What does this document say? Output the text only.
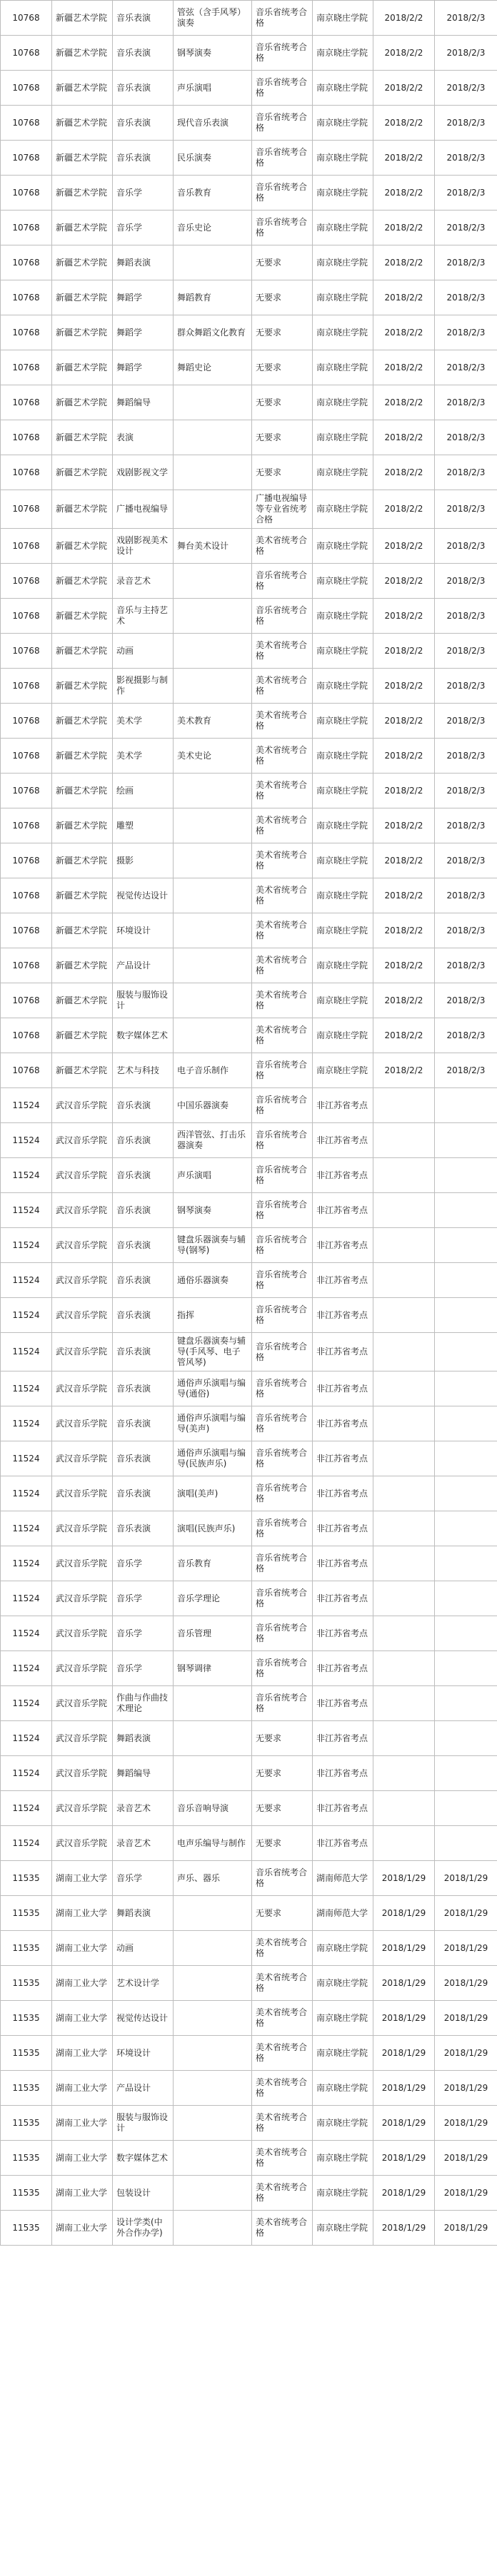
10768	新疆艺术学院	音乐表演	管弦（含手风琴）演奏	音乐省统考合格	南京晓庄学院	2018/2/2	2018/2/3
10768	新疆艺术学院	音乐表演	钢琴演奏	音乐省统考合格	南京晓庄学院	2018/2/2	2018/2/3
10768	新疆艺术学院	音乐表演	声乐演唱	音乐省统考合格	南京晓庄学院	2018/2/2	2018/2/3
10768	新疆艺术学院	音乐表演	现代音乐表演	音乐省统考合格	南京晓庄学院	2018/2/2	2018/2/3
10768	新疆艺术学院	音乐表演	民乐演奏	音乐省统考合格	南京晓庄学院	2018/2/2	2018/2/3
10768	新疆艺术学院	音乐学	音乐教育	音乐省统考合格	南京晓庄学院	2018/2/2	2018/2/3
10768	新疆艺术学院	音乐学	音乐史论	音乐省统考合格	南京晓庄学院	2018/2/2	2018/2/3
10768	新疆艺术学院	舞蹈表演		无要求	南京晓庄学院	2018/2/2	2018/2/3
10768	新疆艺术学院	舞蹈学	舞蹈教育	无要求	南京晓庄学院	2018/2/2	2018/2/3
10768	新疆艺术学院	舞蹈学	群众舞蹈文化教育	无要求	南京晓庄学院	2018/2/2	2018/2/3
10768	新疆艺术学院	舞蹈学	舞蹈史论	无要求	南京晓庄学院	2018/2/2	2018/2/3
10768	新疆艺术学院	舞蹈编导		无要求	南京晓庄学院	2018/2/2	2018/2/3
10768	新疆艺术学院	表演		无要求	南京晓庄学院	2018/2/2	2018/2/3
10768	新疆艺术学院	戏剧影视文学		无要求	南京晓庄学院	2018/2/2	2018/2/3
10768	新疆艺术学院	广播电视编导		广播电视编导等专业省统考合格	南京晓庄学院	2018/2/2	2018/2/3
10768	新疆艺术学院	戏剧影视美术设计	舞台美术设计	美术省统考合格	南京晓庄学院	2018/2/2	2018/2/3
10768	新疆艺术学院	录音艺术		音乐省统考合格	南京晓庄学院	2018/2/2	2018/2/3
10768	新疆艺术学院	音乐与主持艺术		音乐省统考合格	南京晓庄学院	2018/2/2	2018/2/3
10768	新疆艺术学院	动画		美术省统考合格	南京晓庄学院	2018/2/2	2018/2/3
10768	新疆艺术学院	影视摄影与制作		美术省统考合格	南京晓庄学院	2018/2/2	2018/2/3
10768	新疆艺术学院	美术学	美术教育	美术省统考合格	南京晓庄学院	2018/2/2	2018/2/3
10768	新疆艺术学院	美术学	美术史论	美术省统考合格	南京晓庄学院	2018/2/2	2018/2/3
10768	新疆艺术学院	绘画		美术省统考合格	南京晓庄学院	2018/2/2	2018/2/3
10768	新疆艺术学院	雕塑		美术省统考合格	南京晓庄学院	2018/2/2	2018/2/3
10768	新疆艺术学院	摄影		美术省统考合格	南京晓庄学院	2018/2/2	2018/2/3
10768	新疆艺术学院	视觉传达设计		美术省统考合格	南京晓庄学院	2018/2/2	2018/2/3
10768	新疆艺术学院	环境设计		美术省统考合格	南京晓庄学院	2018/2/2	2018/2/3
10768	新疆艺术学院	产品设计		美术省统考合格	南京晓庄学院	2018/2/2	2018/2/3
10768	新疆艺术学院	服装与服饰设计		美术省统考合格	南京晓庄学院	2018/2/2	2018/2/3
10768	新疆艺术学院	数字媒体艺术		美术省统考合格	南京晓庄学院	2018/2/2	2018/2/3
10768	新疆艺术学院	艺术与科技	电子音乐制作	音乐省统考合格	南京晓庄学院	2018/2/2	2018/2/3
11524	武汉音乐学院	音乐表演	中国乐器演奏	音乐省统考合格	非江苏省考点		
11524	武汉音乐学院	音乐表演	西洋管弦、打击乐器演奏	音乐省统考合格	非江苏省考点		
11524	武汉音乐学院	音乐表演	声乐演唱	音乐省统考合格	非江苏省考点		
11524	武汉音乐学院	音乐表演	钢琴演奏	音乐省统考合格	非江苏省考点		
11524	武汉音乐学院	音乐表演	键盘乐器演奏与辅导(钢琴)	音乐省统考合格	非江苏省考点		
11524	武汉音乐学院	音乐表演	通俗乐器演奏	音乐省统考合格	非江苏省考点		
11524	武汉音乐学院	音乐表演	指挥	音乐省统考合格	非江苏省考点		
11524	武汉音乐学院	音乐表演	键盘乐器演奏与辅导(手风琴、电子管风琴)	音乐省统考合格	非江苏省考点		
11524	武汉音乐学院	音乐表演	通俗声乐演唱与编导(通俗)	音乐省统考合格	非江苏省考点		
11524	武汉音乐学院	音乐表演	通俗声乐演唱与编导(美声)	音乐省统考合格	非江苏省考点		
11524	武汉音乐学院	音乐表演	通俗声乐演唱与编导(民族声乐)	音乐省统考合格	非江苏省考点		
11524	武汉音乐学院	音乐表演	演唱(美声)	音乐省统考合格	非江苏省考点		
11524	武汉音乐学院	音乐表演	演唱(民族声乐)	音乐省统考合格	非江苏省考点		
11524	武汉音乐学院	音乐学	音乐教育	音乐省统考合格	非江苏省考点		
11524	武汉音乐学院	音乐学	音乐学理论	音乐省统考合格	非江苏省考点		
11524	武汉音乐学院	音乐学	音乐管理	音乐省统考合格	非江苏省考点		
11524	武汉音乐学院	音乐学	钢琴调律	音乐省统考合格	非江苏省考点		
11524	武汉音乐学院	作曲与作曲技术理论		音乐省统考合格	非江苏省考点		
11524	武汉音乐学院	舞蹈表演		无要求	非江苏省考点		
11524	武汉音乐学院	舞蹈编导		无要求	非江苏省考点		
11524	武汉音乐学院	录音艺术	音乐音响导演	无要求	非江苏省考点		
11524	武汉音乐学院	录音艺术	电声乐编导与制作	无要求	非江苏省考点		
11535	湖南工业大学	音乐学	声乐、器乐	音乐省统考合格	湖南师范大学	2018/1/29	2018/1/29
11535	湖南工业大学	舞蹈表演		无要求	湖南师范大学	2018/1/29	2018/1/29
11535	湖南工业大学	动画		美术省统考合格	南京晓庄学院	2018/1/29	2018/1/29
11535	湖南工业大学	艺术设计学		美术省统考合格	南京晓庄学院	2018/1/29	2018/1/29
11535	湖南工业大学	视觉传达设计		美术省统考合格	南京晓庄学院	2018/1/29	2018/1/29
11535	湖南工业大学	环境设计		美术省统考合格	南京晓庄学院	2018/1/29	2018/1/29
11535	湖南工业大学	产品设计		美术省统考合格	南京晓庄学院	2018/1/29	2018/1/29
11535	湖南工业大学	服装与服饰设计		美术省统考合格	南京晓庄学院	2018/1/29	2018/1/29
11535	湖南工业大学	数字媒体艺术		美术省统考合格	南京晓庄学院	2018/1/29	2018/1/29
11535	湖南工业大学	包装设计		美术省统考合格	南京晓庄学院	2018/1/29	2018/1/29
11535	湖南工业大学	设计学类(中外合作办学)		美术省统考合格	南京晓庄学院	2018/1/29	2018/1/29
